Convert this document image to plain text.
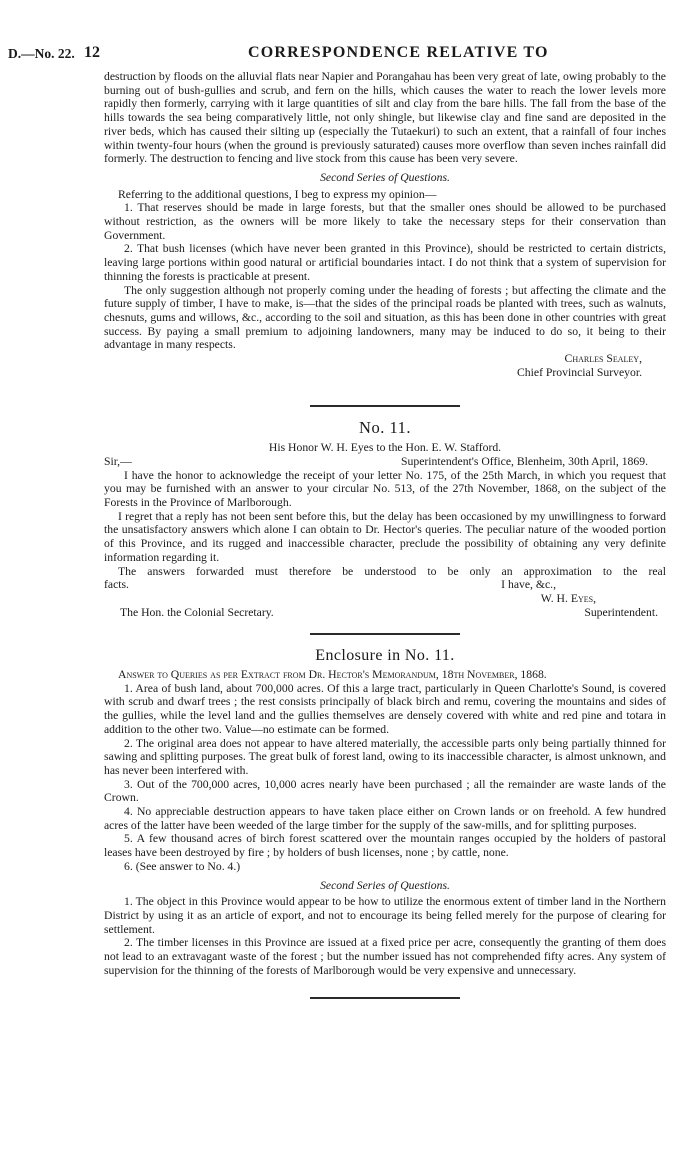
D.—No. 22. 12	CORRESPONDENCE RELATIVE TO

destruction by floods on the alluvial flats near Napier and Porangahau has been very great of late, owing probably to the burning out of bush-gullies and scrub, and fern on the hills, which causes the water to reach the lower levels more rapidly then formerly, carrying with it large quantities of silt and clay from the bare hills. The fall from the base of the hills towards the sea being comparatively little, not only shingle, but likewise clay and fine sand are deposited in the river beds, which has caused their silting up (especially the Tutaekuri) to such an extent, that a rainfall of four inches within twenty-four hours (when the ground is previously saturated) causes more overflow than seven inches rainfall did formerly. The destruction to fencing and live stock from this cause has been very severe.

Second Series of Questions.

Referring to the additional questions, I beg to express my opinion—

1. That reserves should be made in large forests, but that the smaller ones should be allowed to be purchased without restriction, as the owners will be more likely to take the necessary steps for their conservation than Government.

2. That bush licenses (which have never been granted in this Province), should be restricted to certain districts, leaving large portions within good natural or artificial boundaries intact. I do not think that a system of supervision for thinning the forests is practicable at present.

The only suggestion although not properly coming under the heading of forests ; but affecting the climate and the future supply of timber, I have to make, is—that the sides of the principal roads be planted with trees, such as walnuts, chesnuts, gums and willows, &c., according to the soil and situation, as this has been done in other countries with great success. By paying a small premium to adjoining landowners, many may be induced to do so, it being to their advantage in many respects.

Charles Sealey,

Chief Provincial Surveyor.

No. 11.

His Honor W. H. Eyes to the Hon. E. W. Stafford.

Sir,—	Superintendent's Office, Blenheim, 30th April, 1869.

I have the honor to acknowledge the receipt of your letter No. 175, of the 25th March, in which you request that you may be furnished with an answer to your circular No. 513, of the 27th November, 1868, on the subject of the Forests in the Province of Marlborough.

I regret that a reply has not been sent before this, but the delay has been occasioned by my unwillingness to forward the unsatisfactory answers which alone I can obtain to Dr. Hector's queries. The peculiar nature of the wooded portion of this Province, and its rugged and inaccessible character, preclude the possibility of obtaining any very definite information regarding it.

The answers forwarded must therefore be understood to be only an approximation to the real

facts.	I have, &c.,

W. H. Eyes,

The Hon. the Colonial Secretary.	Superintendent.

Enclosure in No. 11.

Answer to Queries as per Extract from Dr. Hector's Memorandum, 18th November, 1868.

1. Area of bush land, about 700,000 acres. Of this a large tract, particularly in Queen Charlotte's Sound, is covered with scrub and dwarf trees ; the rest consists principally of black birch and remu, covering the mountains and sides of the gullies, while the level land and the gullies themselves are densely covered with white and red pine and totara in addition to the other two. Value—no estimate can be formed.

2. The original area does not appear to have altered materially, the accessible parts only being partially thinned for sawing and splitting purposes. The great bulk of forest land, owing to its inaccessible character, is almost unknown, and has never been interfered with.

3. Out of the 700,000 acres, 10,000 acres nearly have been purchased ; all the remainder are waste lands of the Crown.

4. No appreciable destruction appears to have taken place either on Crown lands or on freehold. A few hundred acres of the latter have been weeded of the large timber for the supply of the saw-mills, and for splitting purposes.

5. A few thousand acres of birch forest scattered over the mountain ranges occupied by the holders of pastoral leases have been destroyed by fire ; by holders of bush licenses, none ; by cattle, none.

6. (See answer to No. 4.)

Second Series of Questions.

1. The object in this Province would appear to be how to utilize the enormous extent of timber land in the Northern District by using it as an article of export, and not to encourage its being felled merely for the purpose of clearing for settlement.

2. The timber licenses in this Province are issued at a fixed price per acre, consequently the granting of them does not lead to an extravagant waste of the forest ; but the number issued has not comprehended fifty acres. Any system of supervision for the thinning of the forests of Marlborough would be very expensive and unnecessary.
